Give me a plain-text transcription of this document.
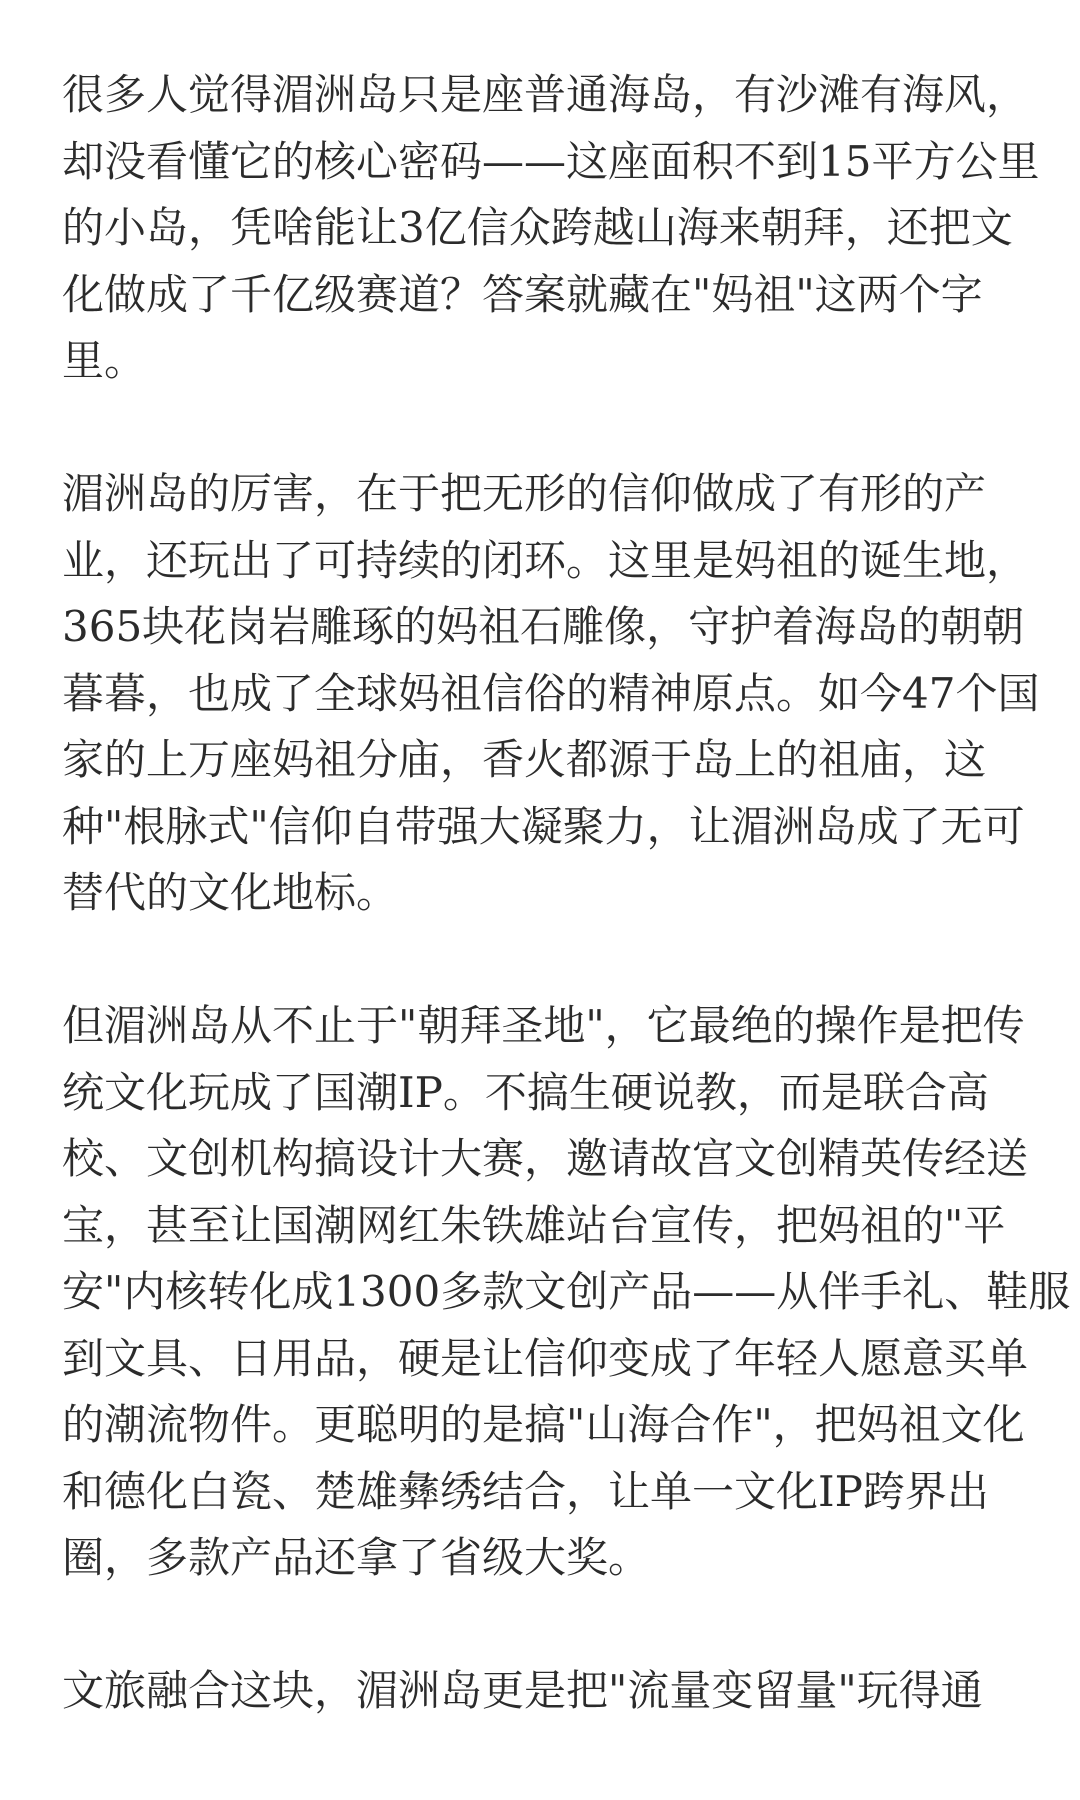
很多人觉得湄洲岛只是座普通海岛，有沙滩有海风，
却没看懂它的核心密码——这座面积不到15平方公里
的小岛，凭啥能让3亿信众跨越山海来朝拜，还把文
化做成了千亿级赛道？答案就藏在"妈祖"这两个字
里。

湄洲岛的厉害，在于把无形的信仰做成了有形的产
业，还玩出了可持续的闭环。这里是妈祖的诞生地，
365块花岗岩雕琢的妈祖石雕像，守护着海岛的朝朝
暮暮，也成了全球妈祖信俗的精神原点。如今47个国
家的上万座妈祖分庙，香火都源于岛上的祖庙，这
种"根脉式"信仰自带强大凝聚力，让湄洲岛成了无可
替代的文化地标。

但湄洲岛从不止于"朝拜圣地"，它最绝的操作是把传
统文化玩成了国潮IP。不搞生硬说教，而是联合高
校、文创机构搞设计大赛，邀请故宫文创精英传经送
宝，甚至让国潮网红朱铁雄站台宣传，把妈祖的"平
安"内核转化成1300多款文创产品——从伴手礼、鞋服
到文具、日用品，硬是让信仰变成了年轻人愿意买单
的潮流物件。更聪明的是搞"山海合作"，把妈祖文化
和德化白瓷、楚雄彝绣结合，让单一文化IP跨界出
圈，多款产品还拿了省级大奖。

文旅融合这块，湄洲岛更是把"流量变留量"玩得通
